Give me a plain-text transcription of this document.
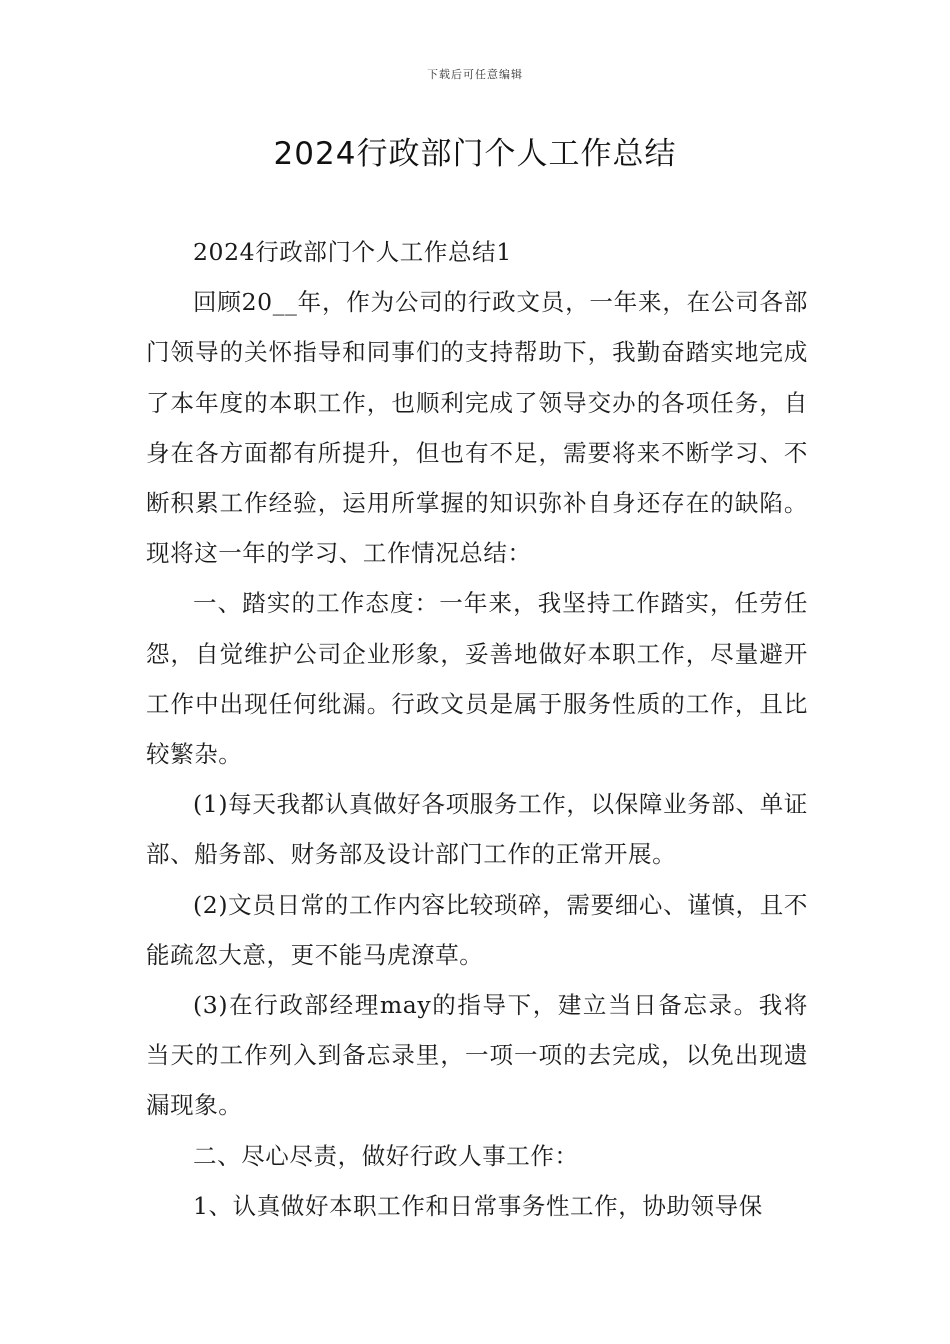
下载后可任意编辑
2024行政部门个人工作总结

2024行政部门个人工作总结1

回顾20__年，作为公司的行政文员，一年来，在公司各部门领导的关怀指导和同事们的支持帮助下，我勤奋踏实地完成了本年度的本职工作，也顺利完成了领导交办的各项任务，自身在各方面都有所提升，但也有不足，需要将来不断学习、不断积累工作经验，运用所掌握的知识弥补自身还存在的缺陷。现将这一年的学习、工作情况总结：

一、踏实的工作态度：一年来，我坚持工作踏实，任劳任怨，自觉维护公司企业形象，妥善地做好本职工作，尽量避开工作中出现任何纰漏。行政文员是属于服务性质的工作，且比较繁杂。

(1)每天我都认真做好各项服务工作，以保障业务部、单证部、船务部、财务部及设计部门工作的正常开展。

(2)文员日常的工作内容比较琐碎，需要细心、谨慎，且不能疏忽大意，更不能马虎潦草。

(3)在行政部经理may的指导下，建立当日备忘录。我将当天的工作列入到备忘录里，一项一项的去完成，以免出现遗漏现象。

二、尽心尽责，做好行政人事工作：

1、认真做好本职工作和日常事务性工作，协助领导保
